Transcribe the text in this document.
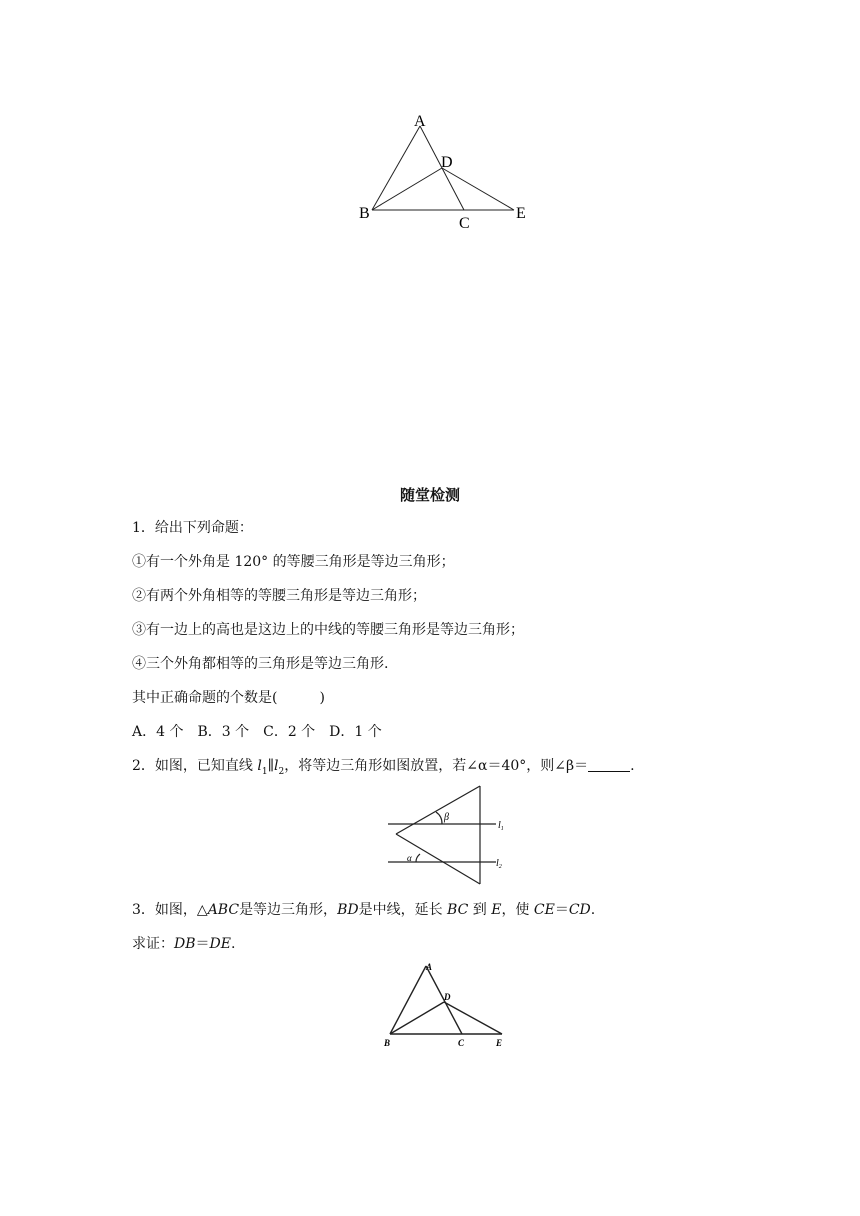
A
B
C
D
E
随堂检测
1．给出下列命题：
①有一个外角是 120° 的等腰三角形是等边三角形；
②有两个外角相等的等腰三角形是等边三角形；
③有一边上的高也是这边上的中线的等腰三角形是等边三角形；
④三个外角都相等的三角形是等边三角形.
其中正确命题的个数是(　　　)
A．4 个　B．3 个　C．2 个　D．1 个
2．如图，已知直线 $l_1\parallel l_2$，将等边三角形如图放置，若∠α＝40°，则∠β＝	.
β
α
$l_1$
$l_2$
3．如图，△ABC是等边三角形，BD是中线，延长 BC 到 E，使 CE＝CD.
求证：DB＝DE.
A
B	C
D
E
